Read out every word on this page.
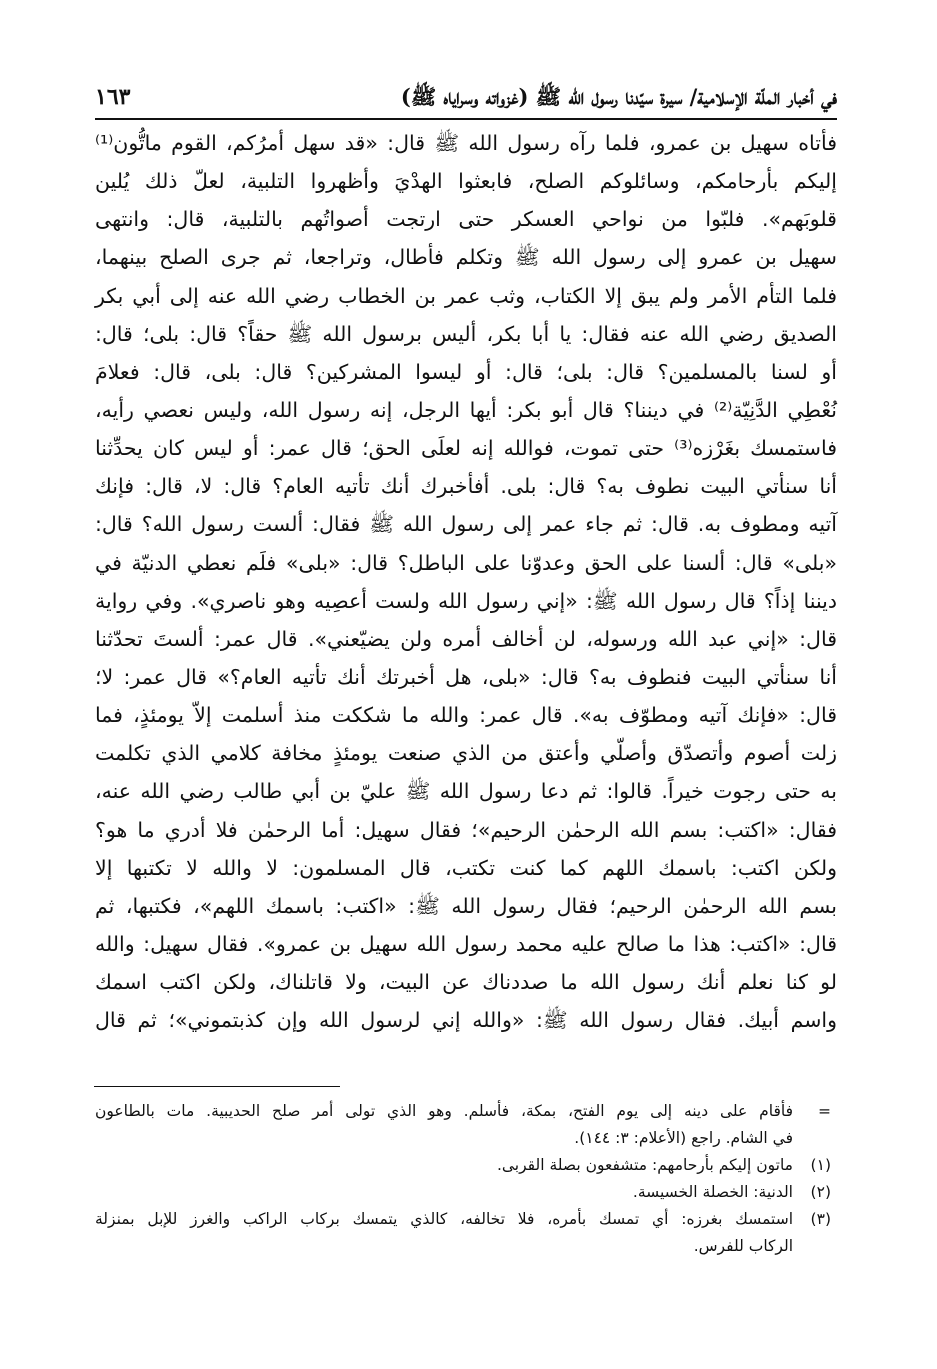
في أخبار الملّة الإسلامية/ سيرة سيّدنا رسول الله ﷺ (غزواته وسراياه ﷺ)
١٦٣
فأتاه سهيل بن عمرو، فلما رآه رسول الله ﷺ قال: «قد سهل أمرُكم، القوم ماتُّون⁽¹⁾
إليكم بأرحامكم، وسائلوكم الصلح، فابعثوا الهدْيَ وأظهروا التلبية، لعلّ ذلك يُلين
قلوبَهم». فلبّوا من نواحي العسكر حتى ارتجت أصواتُهم بالتلبية، قال: وانتهى
سهيل بن عمرو إلى رسول الله ﷺ وتكلم فأطال، وتراجعا، ثم جرى الصلح بينهما،
فلما التأم الأمر ولم يبق إلا الكتاب، وثب عمر بن الخطاب رضي الله عنه إلى أبي بكر
الصديق رضي الله عنه فقال: يا أبا بكر، أليس برسول الله ﷺ حقاً؟ قال: بلى؛ قال:
أو لسنا بالمسلمين؟ قال: بلى؛ قال: أو ليسوا المشركين؟ قال: بلى، قال: فعلامَ
نُعْطِي الدَّنِيّة⁽²⁾ في ديننا؟ قال أبو بكر: أيها الرجل، إنه رسول الله، وليس نعصي رأيه،
فاستمسك بغَرْزه⁽³⁾ حتى تموت، فوالله إنه لعلَى الحق؛ قال عمر: أو ليس كان يحدِّثنا
أنا سنأتي البيت نطوف به؟ قال: بلى. أفأخبرك أنك تأتيه العام؟ قال: لا، قال: فإنك
آتيه ومطوف به. قال: ثم جاء عمر إلى رسول الله ﷺ فقال: ألست رسول الله؟ قال:
«بلى» قال: ألسنا على الحق وعدوّنا على الباطل؟ قال: «بلى» فلَم نعطي الدنيّة في
ديننا إذاً؟ قال رسول الله ﷺ: «إني رسول الله ولست أعصِيه وهو ناصري». وفي رواية
قال: «إني عبد الله ورسوله، لن أخالف أمره ولن يضيّعني». قال عمر: ألستَ تحدّثنا
أنا سنأتي البيت فنطوف به؟ قال: «بلى، هل أخبرتك أنك تأتيه العام؟» قال عمر: لا؛
قال: «فإنك آتيه ومطوّف به». قال عمر: والله ما شككت منذ أسلمت إلاّ يومئذٍ، فما
زلت أصوم وأتصدّق وأصلّي وأعتق من الذي صنعت يومئذٍ مخافة كلامي الذي تكلمت
به حتى رجوت خيراً. قالوا: ثم دعا رسول الله ﷺ عليّ بن أبي طالب رضي الله عنه،
فقال: «اكتب: بسم الله الرحمٰن الرحيم»؛ فقال سهيل: أما الرحمٰن فلا أدري ما هو؟
ولكن اكتب: باسمك اللهم كما كنت تكتب، قال المسلمون: لا والله لا تكتبها إلا
بسم الله الرحمٰن الرحيم؛ فقال رسول الله ﷺ: «اكتب: باسمك اللهم»، فكتبها، ثم
قال: «اكتب: هذا ما صالح عليه محمد رسول الله سهيل بن عمرو». فقال سهيل: والله
لو كنا نعلم أنك رسول الله ما صددناك عن البيت، ولا قاتلناك، ولكن اكتب اسمك
واسم أبيك. فقال رسول الله ﷺ: «والله إني لرسول الله وإن كذبتموني»؛ ثم قال
=
فأقام على دينه إلى يوم الفتح، بمكة، فأسلم. وهو الذي تولى أمر صلح الحديبية. مات بالطاعون
في الشام. راجع (الأعلام: ٣: ١٤٤).
(١)
ماتون إليكم بأرحامهم: متشفعون بصلة القربى.
(٢)
الدنية: الخصلة الخسيسة.
(٣)
استمسك بغرزه: أي تمسك بأمره، فلا تخالفه، كالذي يتمسك بركاب الراكب والغرز للإبل بمنزلة
الركاب للفرس.
